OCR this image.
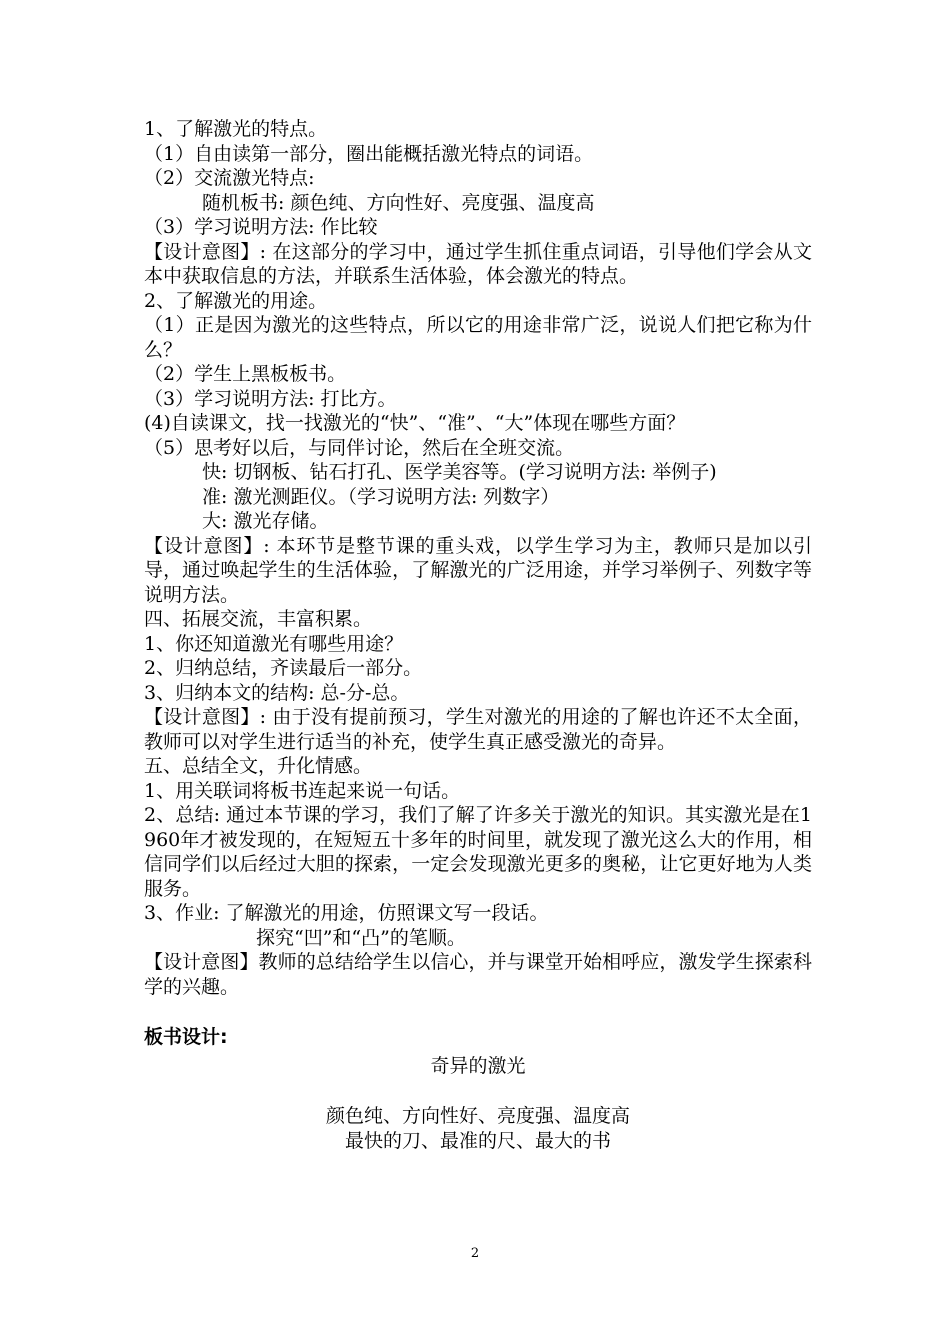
1、了解激光的特点。

（1）自由读第一部分，圈出能概括激光特点的词语。

（2）交流激光特点:

随机板书: 颜色纯、方向性好、亮度强、温度高

（3）学习说明方法: 作比较

【设计意图】: 在这部分的学习中，通过学生抓住重点词语，引导他们学会从文本中获取信息的方法，并联系生活体验，体会激光的特点。

2、了解激光的用途。

（1）正是因为激光的这些特点，所以它的用途非常广泛，说说人们把它称为什么？

（2）学生上黑板板书。

（3）学习说明方法: 打比方。

(4)自读课文，找一找激光的“快”、“准”、“大”体现在哪些方面？

（5）思考好以后，与同伴讨论，然后在全班交流。

快: 切钢板、钻石打孔、医学美容等。(学习说明方法: 举例子)

准: 激光测距仪。（学习说明方法: 列数字）

大: 激光存储。

【设计意图】: 本环节是整节课的重头戏，以学生学习为主，教师只是加以引导，通过唤起学生的生活体验，了解激光的广泛用途，并学习举例子、列数字等说明方法。

四、拓展交流，丰富积累。

1、你还知道激光有哪些用途？

2、归纳总结，齐读最后一部分。

3、归纳本文的结构: 总-分-总。

【设计意图】: 由于没有提前预习，学生对激光的用途的了解也许还不太全面，教师可以对学生进行适当的补充，使学生真正感受激光的奇异。

五、总结全文，升化情感。

1、用关联词将板书连起来说一句话。

2、总结: 通过本节课的学习，我们了解了许多关于激光的知识。其实激光是在1960年才被发现的，在短短五十多年的时间里，就发现了激光这么大的作用，相信同学们以后经过大胆的探索，一定会发现激光更多的奥秘，让它更好地为人类服务。

3、作业: 了解激光的用途，仿照课文写一段话。

探究“凹”和“凸”的笔顺。

【设计意图】教师的总结给学生以信心，并与课堂开始相呼应，激发学生探索科学的兴趣。

板书设计:

奇异的激光

颜色纯、方向性好、亮度强、温度高

最快的刀、最准的尺、最大的书

2
